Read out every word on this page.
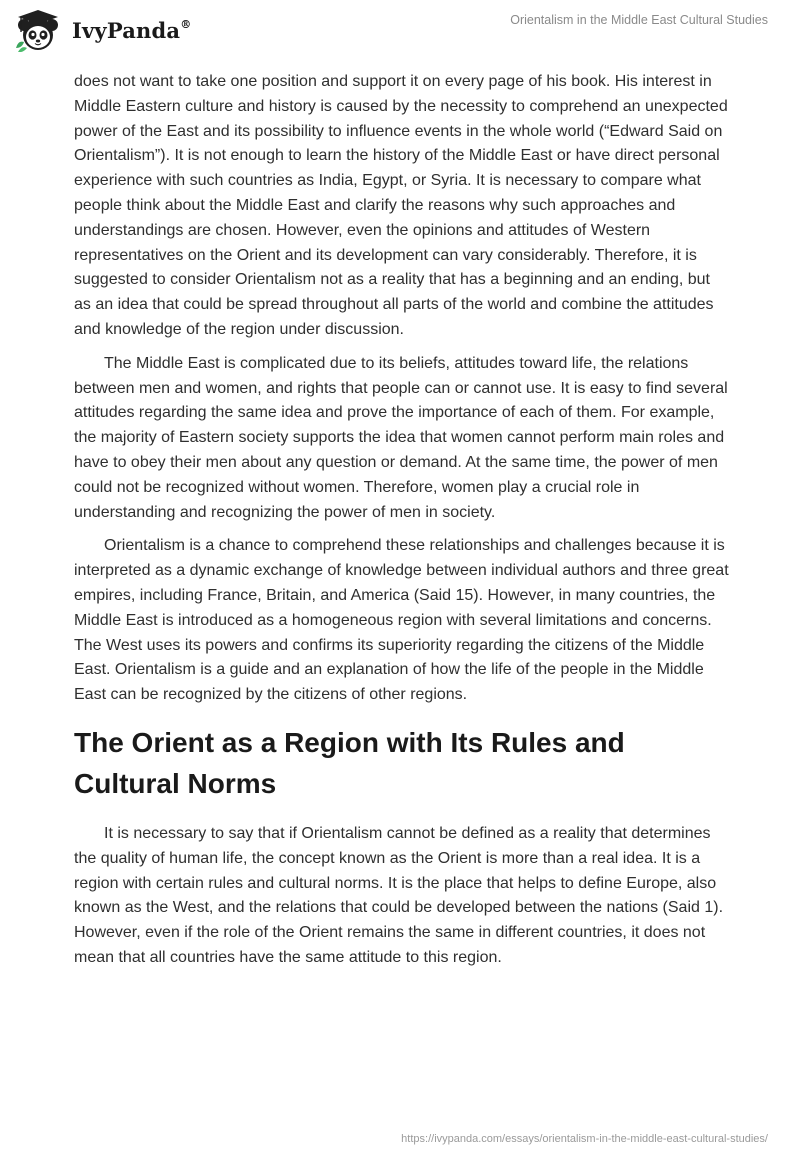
IvyPanda®	Orientalism in the Middle East Cultural Studies

does not want to take one position and support it on every page of his book. His interest in Middle Eastern culture and history is caused by the necessity to comprehend an unexpected power of the East and its possibility to influence events in the whole world (“Edward Said on Orientalism”). It is not enough to learn the history of the Middle East or have direct personal experience with such countries as India, Egypt, or Syria. It is necessary to compare what people think about the Middle East and clarify the reasons why such approaches and understandings are chosen. However, even the opinions and attitudes of Western representatives on the Orient and its development can vary considerably. Therefore, it is suggested to consider Orientalism not as a reality that has a beginning and an ending, but as an idea that could be spread throughout all parts of the world and combine the attitudes and knowledge of the region under discussion.

The Middle East is complicated due to its beliefs, attitudes toward life, the relations between men and women, and rights that people can or cannot use. It is easy to find several attitudes regarding the same idea and prove the importance of each of them. For example, the majority of Eastern society supports the idea that women cannot perform main roles and have to obey their men about any question or demand. At the same time, the power of men could not be recognized without women. Therefore, women play a crucial role in understanding and recognizing the power of men in society.

Orientalism is a chance to comprehend these relationships and challenges because it is interpreted as a dynamic exchange of knowledge between individual authors and three great empires, including France, Britain, and America (Said 15). However, in many countries, the Middle East is introduced as a homogeneous region with several limitations and concerns. The West uses its powers and confirms its superiority regarding the citizens of the Middle East. Orientalism is a guide and an explanation of how the life of the people in the Middle East can be recognized by the citizens of other regions.

The Orient as a Region with Its Rules and Cultural Norms

It is necessary to say that if Orientalism cannot be defined as a reality that determines the quality of human life, the concept known as the Orient is more than a real idea. It is a region with certain rules and cultural norms. It is the place that helps to define Europe, also known as the West, and the relations that could be developed between the nations (Said 1). However, even if the role of the Orient remains the same in different countries, it does not mean that all countries have the same attitude to this region.

https://ivypanda.com/essays/orientalism-in-the-middle-east-cultural-studies/
